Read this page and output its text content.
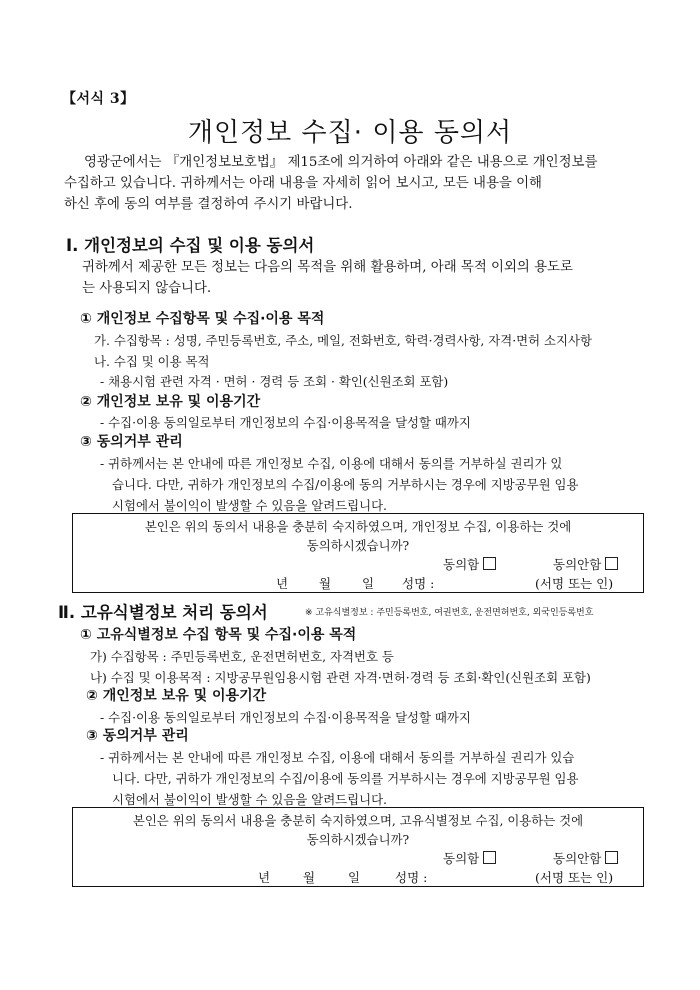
【서식 3】
개인정보 수집· 이용 동의서
영광군에서는 『개인정보보호법』 제15조에 의거하여 아래와 같은 내용으로 개인정보를
수집하고 있습니다. 귀하께서는 아래 내용을 자세히 읽어 보시고, 모든 내용을 이해
하신 후에 동의 여부를 결정하여 주시기 바랍니다.
Ⅰ. 개인정보의 수집 및 이용 동의서
귀하께서 제공한 모든 정보는 다음의 목적을 위해 활용하며, 아래 목적 이외의 용도로
는 사용되지 않습니다.
① 개인정보 수집항목 및 수집·이용 목적
가. 수집항목 : 성명, 주민등록번호, 주소, 메일, 전화번호, 학력·경력사항, 자격·면허 소지사항
나. 수집 및 이용 목적
- 채용시험 관련 자격 · 면허 · 경력 등 조회 · 확인(신원조회 포함)
② 개인정보 보유 및 이용기간
- 수집·이용 동의일로부터 개인정보의 수집·이용목적을 달성할 때까지
③ 동의거부 관리
- 귀하께서는 본 안내에 따른 개인정보 수집, 이용에 대해서 동의를 거부하실 권리가 있
습니다. 다만, 귀하가 개인정보의 수집/이용에 동의 거부하시는 경우에 지방공무원 임용
시험에서 불이익이 발생할 수 있음을 알려드립니다.
본인은 위의 동의서 내용을 충분히 숙지하였으며, 개인정보 수집, 이용하는 것에
동의하시겠습니까?
동의함	동의안함
년 월 일 성명 :	(서명 또는 인)
Ⅱ. 고유식별정보 처리 동의서	※ 고유식별정보 : 주민등록번호, 여권번호, 운전면허번호, 외국인등록번호
① 고유식별정보 수집 항목 및 수집·이용 목적
가) 수집항목 : 주민등록번호, 운전면허번호, 자격번호 등
나) 수집 및 이용목적 : 지방공무원임용시험 관련 자격·면허·경력 등 조회·확인(신원조회 포함)
② 개인정보 보유 및 이용기간
- 수집·이용 동의일로부터 개인정보의 수집·이용목적을 달성할 때까지
③ 동의거부 관리
- 귀하께서는 본 안내에 따른 개인정보 수집, 이용에 대해서 동의를 거부하실 권리가 있습
니다. 다만, 귀하가 개인정보의 수집/이용에 동의를 거부하시는 경우에 지방공무원 임용
시험에서 불이익이 발생할 수 있음을 알려드립니다.
본인은 위의 동의서 내용을 충분히 숙지하였으며, 고유식별정보 수집, 이용하는 것에
동의하시겠습니까?
동의함	동의안함
년	월	일	성명 :	(서명 또는 인)
